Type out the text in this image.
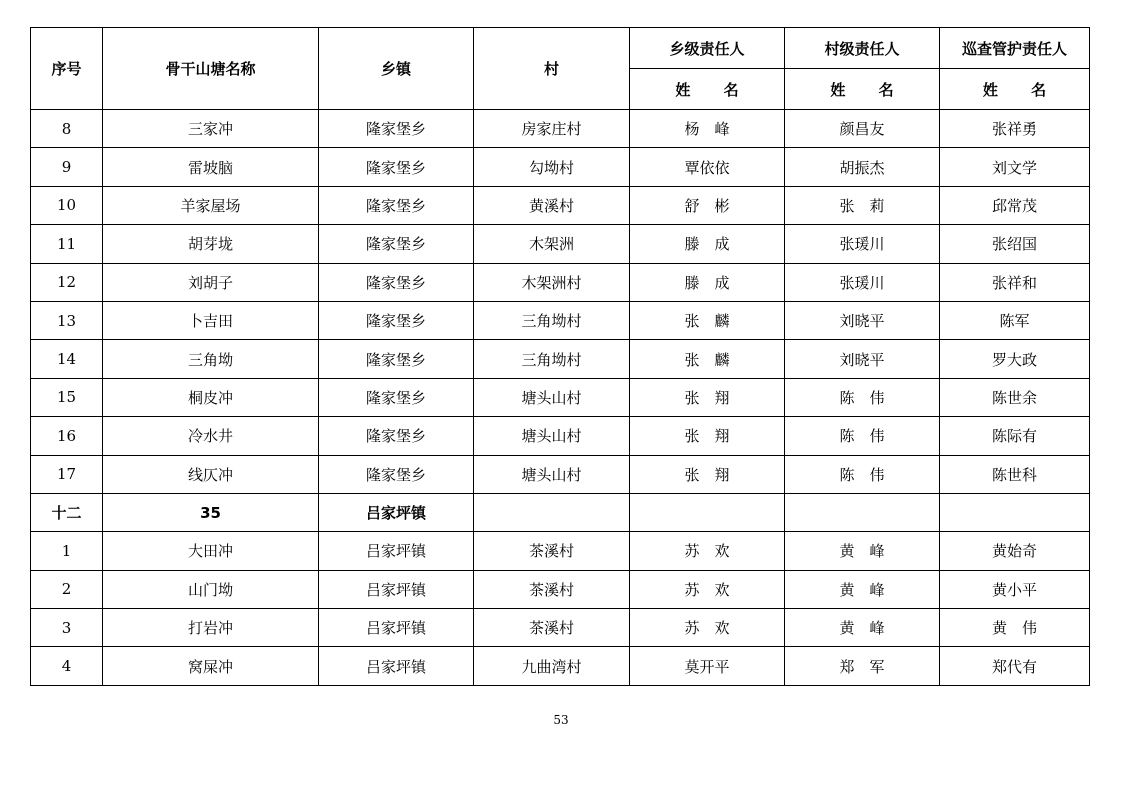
序号	骨干山塘名称	乡镇	村	乡级责任人	村级责任人	巡查管护责任人
				姓 名	姓 名	姓 名
8	三家冲	隆家堡乡	房家庄村	杨　峰	颜昌友	张祥勇
9	雷坡脑	隆家堡乡	勾坳村	覃依依	胡振杰	刘文学
10	羊家屋场	隆家堡乡	黄溪村	舒　彬	张　莉	邱常茂
11	胡芽垅	隆家堡乡	木架洲	滕　成	张瑗川	张绍国
12	刘胡子	隆家堡乡	木架洲村	滕　成	张瑗川	张祥和
13	卜吉田	隆家堡乡	三角坳村	张　麟	刘晓平	陈军
14	三角坳	隆家堡乡	三角坳村	张　麟	刘晓平	罗大政
15	桐皮冲	隆家堡乡	塘头山村	张　翔	陈　伟	陈世余
16	冷水井	隆家堡乡	塘头山村	张　翔	陈　伟	陈际有
17	线仄冲	隆家堡乡	塘头山村	张　翔	陈　伟	陈世科
十二	35	吕家坪镇				
1	大田冲	吕家坪镇	茶溪村	苏　欢	黄　峰	黄始奇
2	山门坳	吕家坪镇	茶溪村	苏　欢	黄　峰	黄小平
3	打岩冲	吕家坪镇	茶溪村	苏　欢	黄　峰	黄　伟
4	窝屎冲	吕家坪镇	九曲湾村	莫开平	郑　军	郑代有
53
